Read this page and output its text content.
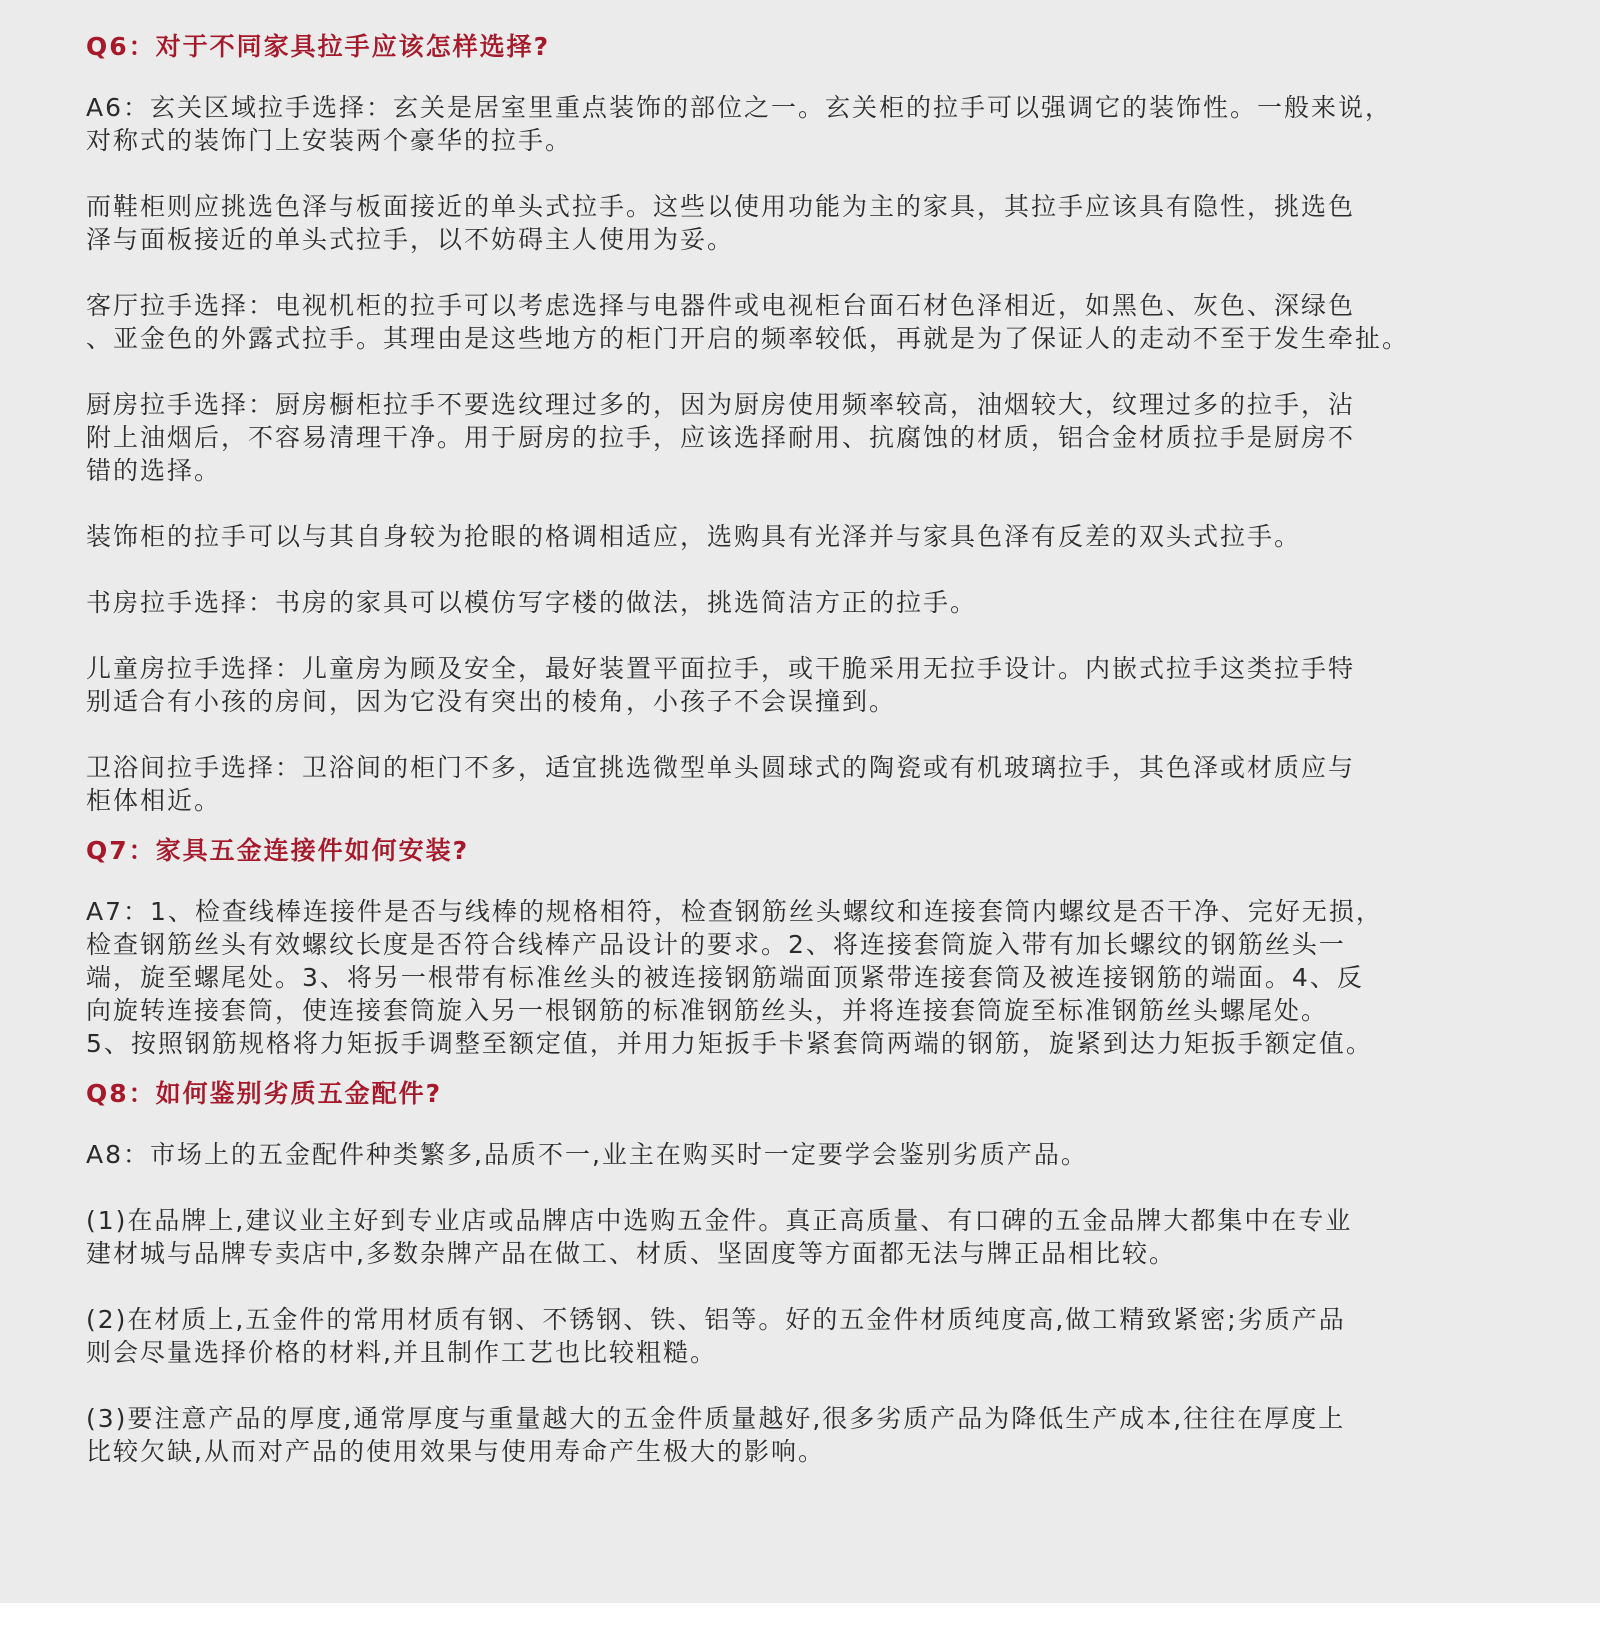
Q6：对于不同家具拉手应该怎样选择?
A6：玄关区域拉手选择：玄关是居室里重点装饰的部位之一。玄关柜的拉手可以强调它的装饰性。一般来说，
对称式的装饰门上安装两个豪华的拉手。
而鞋柜则应挑选色泽与板面接近的单头式拉手。这些以使用功能为主的家具，其拉手应该具有隐性，挑选色
泽与面板接近的单头式拉手，以不妨碍主人使用为妥。
客厅拉手选择：电视机柜的拉手可以考虑选择与电器件或电视柜台面石材色泽相近，如黑色、灰色、深绿色
、亚金色的外露式拉手。其理由是这些地方的柜门开启的频率较低，再就是为了保证人的走动不至于发生牵扯。
厨房拉手选择：厨房橱柜拉手不要选纹理过多的，因为厨房使用频率较高，油烟较大，纹理过多的拉手，沾
附上油烟后，不容易清理干净。用于厨房的拉手，应该选择耐用、抗腐蚀的材质，铝合金材质拉手是厨房不
错的选择。
装饰柜的拉手可以与其自身较为抢眼的格调相适应，选购具有光泽并与家具色泽有反差的双头式拉手。
书房拉手选择：书房的家具可以模仿写字楼的做法，挑选简洁方正的拉手。
儿童房拉手选择：儿童房为顾及安全，最好装置平面拉手，或干脆采用无拉手设计。内嵌式拉手这类拉手特
别适合有小孩的房间，因为它没有突出的棱角，小孩子不会误撞到。
卫浴间拉手选择：卫浴间的柜门不多，适宜挑选微型单头圆球式的陶瓷或有机玻璃拉手，其色泽或材质应与
柜体相近。
Q7：家具五金连接件如何安装?
A7：1、检查线棒连接件是否与线棒的规格相符，检查钢筋丝头螺纹和连接套筒内螺纹是否干净、完好无损，
检查钢筋丝头有效螺纹长度是否符合线棒产品设计的要求。2、将连接套筒旋入带有加长螺纹的钢筋丝头一
端，旋至螺尾处。3、将另一根带有标准丝头的被连接钢筋端面顶紧带连接套筒及被连接钢筋的端面。4、反
向旋转连接套筒，使连接套筒旋入另一根钢筋的标准钢筋丝头，并将连接套筒旋至标准钢筋丝头螺尾处。
5、按照钢筋规格将力矩扳手调整至额定值，并用力矩扳手卡紧套筒两端的钢筋，旋紧到达力矩扳手额定值。
Q8：如何鉴别劣质五金配件?
A8：市场上的五金配件种类繁多,品质不一,业主在购买时一定要学会鉴别劣质产品。
(1)在品牌上,建议业主好到专业店或品牌店中选购五金件。真正高质量、有口碑的五金品牌大都集中在专业
建材城与品牌专卖店中,多数杂牌产品在做工、材质、坚固度等方面都无法与牌正品相比较。
(2)在材质上,五金件的常用材质有钢、不锈钢、铁、铝等。好的五金件材质纯度高,做工精致紧密;劣质产品
则会尽量选择价格的材料,并且制作工艺也比较粗糙。
(3)要注意产品的厚度,通常厚度与重量越大的五金件质量越好,很多劣质产品为降低生产成本,往往在厚度上
比较欠缺,从而对产品的使用效果与使用寿命产生极大的影响。
